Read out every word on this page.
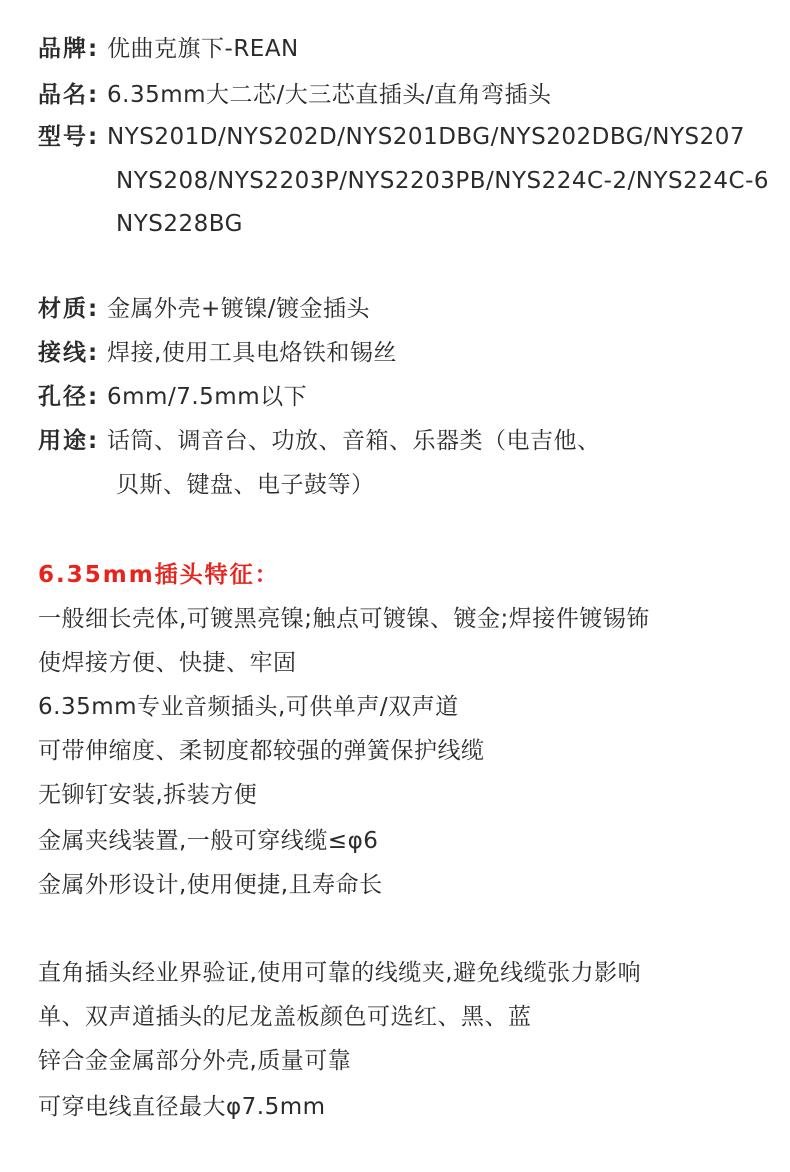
品牌: 优曲克旗下-REAN
品名: 6.35mm大二芯/大三芯直插头/直角弯插头
型号: NYS201D/NYS202D/NYS201DBG/NYS202DBG/NYS207
NYS208/NYS2203P/NYS2203PB/NYS224C-2/NYS224C-6
NYS228BG
材质: 金属外壳+镀镍/镀金插头
接线: 焊接,使用工具电烙铁和锡丝
孔径: 6mm/7.5mm以下
用途: 话筒、调音台、功放、音箱、乐器类（电吉他、
贝斯、键盘、电子鼓等）
6.35mm插头特征：
一般细长壳体,可镀黑亮镍;触点可镀镍、镀金;焊接件镀锡钸
使焊接方便、快捷、牢固
6.35mm专业音频插头,可供单声/双声道
可带伸缩度、柔韧度都较强的弹簧保护线缆
无铆钉安装,拆装方便
金属夹线装置,一般可穿线缆≤φ6
金属外形设计,使用便捷,且寿命长
直角插头经业界验证,使用可靠的线缆夹,避免线缆张力影响
单、双声道插头的尼龙盖板颜色可选红、黑、蓝
锌合金金属部分外壳,质量可靠
可穿电线直径最大φ7.5mm
